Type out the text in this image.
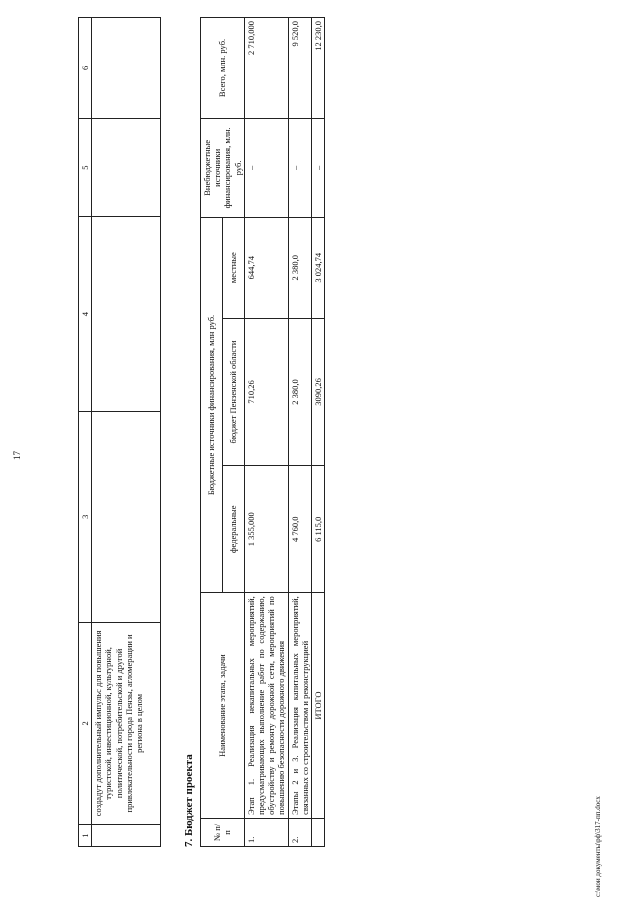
17
1	2	3	4	5	6
	создадут дополнительный импульс для повышения туристской, инвестиционной, культурной, политической, потребительской и другой привлекательности города Пензы, агломерации и региона в целом				
7. Бюджет проекта № п/п	Наименование этапа, задачи	Бюджетные источники финансирования, млн руб.			Внебюджетные источники финансирования, млн. руб.	Всего, млн. руб.
		федеральные	бюджет Пензенской области	местные		
1.	Этап 1. Реализация некапитальных мероприятий, предусматривающих выполнение работ по содержанию, обустройству и ремонту дорожной сети, мероприятий по повышению безопасности дорожного движения	1 355,000	710,26	644,74	–	2 710,000
2.	Этапы 2 и 3. Реализация капитальных мероприятий, связанных со строительством и реконструкцией	4 760,0	2 380,0	2 380,0	–	9 520,0
	ИТОГО	6 115,0	3090,26	3 024,74	–	12 230,0
c:\мои документы\рф\317-пп.docx
